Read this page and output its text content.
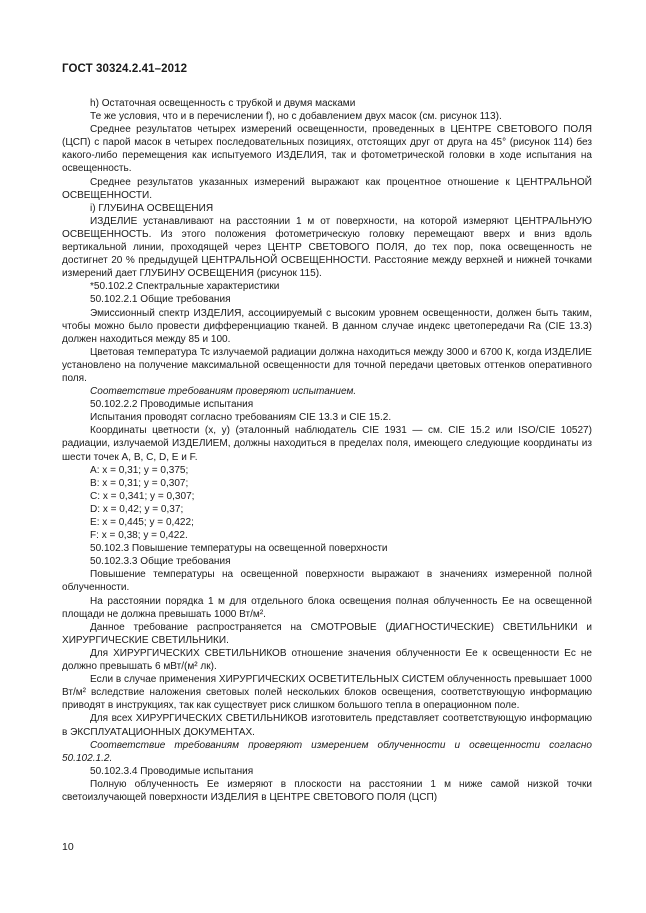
ГОСТ 30324.2.41–2012

h) Остаточная освещенность с трубкой и двумя масками

Те же условия, что и в перечислении f), но с добавлением двух масок (см. рисунок 113).

Среднее результатов четырех измерений освещенности, проведенных в ЦЕНТРЕ СВЕТОВОГО ПОЛЯ (ЦСП) с парой масок в четырех последовательных позициях, отстоящих друг от друга на 45° (рисунок 114) без какого-либо перемещения как испытуемого ИЗДЕЛИЯ, так и фотометрической головки в ходе испытания на освещенность.

Среднее результатов указанных измерений выражают как процентное отношение к ЦЕНТРАЛЬНОЙ ОСВЕЩЕННОСТИ.

i) ГЛУБИНА ОСВЕЩЕНИЯ

ИЗДЕЛИЕ устанавливают на расстоянии 1 м от поверхности, на которой измеряют ЦЕНТРАЛЬНУЮ ОСВЕЩЕННОСТЬ. Из этого положения фотометрическую головку перемещают вверх и вниз вдоль вертикальной линии, проходящей через ЦЕНТР СВЕТОВОГО ПОЛЯ, до тех пор, пока освещенность не достигнет 20 % предыдущей ЦЕНТРАЛЬНОЙ ОСВЕЩЕННОСТИ. Расстояние между верхней и нижней точками измерений дает ГЛУБИНУ ОСВЕЩЕНИЯ (рисунок 115).

*50.102.2 Спектральные характеристики

50.102.2.1 Общие требования

Эмиссионный спектр ИЗДЕЛИЯ, ассоциируемый с высоким уровнем освещенности, должен быть таким, чтобы можно было провести дифференциацию тканей. В данном случае индекс цветопередачи Ra (CIE 13.3) должен находиться между 85 и 100.

Цветовая температура Tc излучаемой радиации должна находиться между 3000 и 6700 К, когда ИЗДЕЛИЕ установлено на получение максимальной освещенности для точной передачи цветовых оттенков оперативного поля.

Соответствие требованиям проверяют испытанием.

50.102.2.2 Проводимые испытания

Испытания проводят согласно требованиям CIE 13.3 и CIE 15.2.

Координаты цветности (x, y) (эталонный наблюдатель CIE 1931 — см. CIE 15.2 или ISO/CIE 10527) радиации, излучаемой ИЗДЕЛИЕМ, должны находиться в пределах поля, имеющего следующие координаты из шести точек А, В, С, D, Е и F.

A: x = 0,31; y = 0,375;

B: x = 0,31; y = 0,307;

C: x = 0,341; y = 0,307;

D: x = 0,42; y = 0,37;

E: x = 0,445; y = 0,422;

F: x = 0,38; y = 0,422.

50.102.3 Повышение температуры на освещенной поверхности

50.102.3.3 Общие требования

Повышение температуры на освещенной поверхности выражают в значениях измеренной полной облученности.

На расстоянии порядка 1 м для отдельного блока освещения полная облученность Ee на освещенной площади не должна превышать 1000 Вт/м².

Данное требование распространяется на СМОТРОВЫЕ (ДИАГНОСТИЧЕСКИЕ) СВЕТИЛЬНИКИ и ХИРУРГИЧЕСКИЕ СВЕТИЛЬНИКИ.

Для ХИРУРГИЧЕСКИХ СВЕТИЛЬНИКОВ отношение значения облученности Ee к освещенности Ec не должно превышать 6 мВт/(м² лк).

Если в случае применения ХИРУРГИЧЕСКИХ ОСВЕТИТЕЛЬНЫХ СИСТЕМ облученность превышает 1000 Вт/м² вследствие наложения световых полей нескольких блоков освещения, соответствующую информацию приводят в инструкциях, так как существует риск слишком большого тепла в операционном поле.

Для всех ХИРУРГИЧЕСКИХ СВЕТИЛЬНИКОВ изготовитель представляет соответствующую информацию в ЭКСПЛУАТАЦИОННЫХ ДОКУМЕНТАХ.

Соответствие требованиям проверяют измерением облученности и освещенности согласно 50.102.1.2.

50.102.3.4 Проводимые испытания

Полную облученность Ee измеряют в плоскости на расстоянии 1 м ниже самой низкой точки светоизлучающей поверхности ИЗДЕЛИЯ в ЦЕНТРЕ СВЕТОВОГО ПОЛЯ (ЦСП)

10
